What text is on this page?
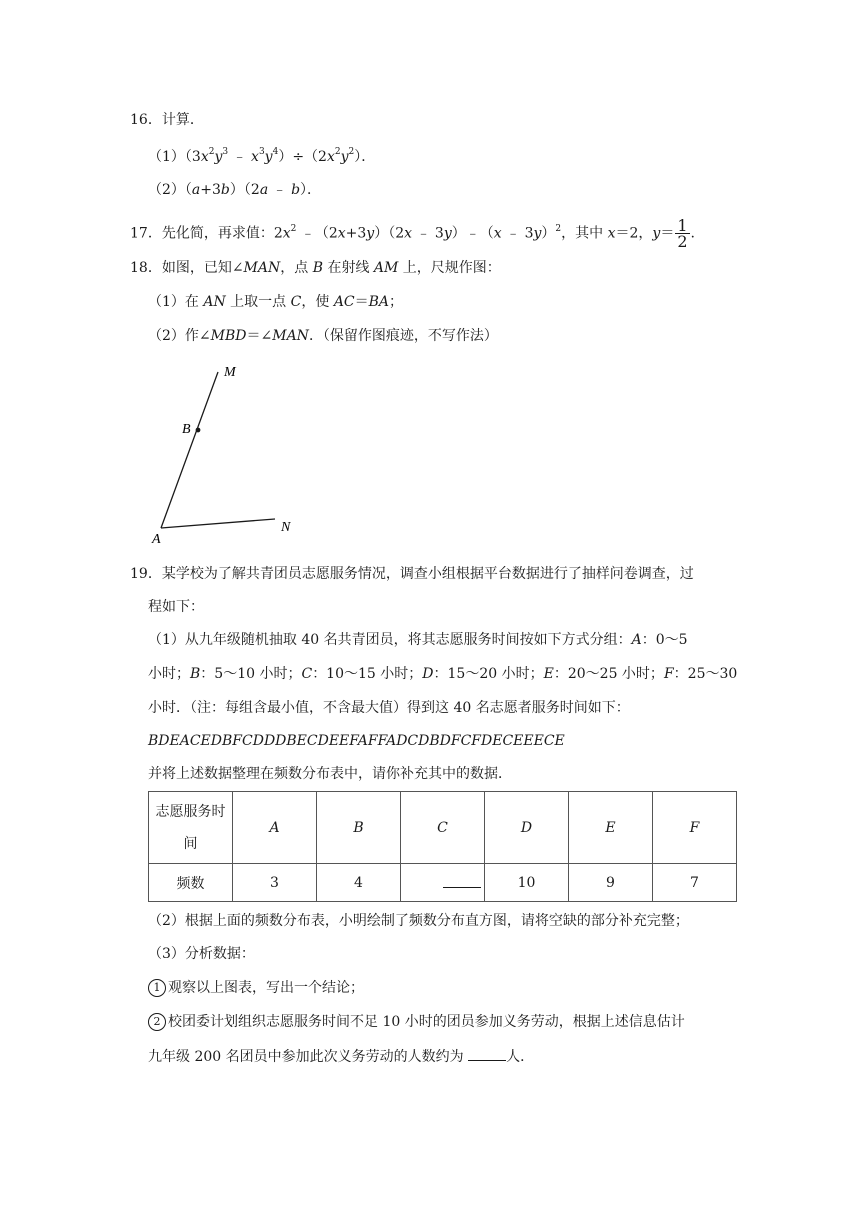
16．计算．
$(1)(3x^2y^3$ ﹣ $x^3y^4)\div(2x^2y^2)$．
（2）（a+3b）（2a ﹣ b）．
17．先化简，再求值：$2x^2$ ﹣（2x+3y）（2x ﹣ 3y）﹣（x ﹣ 3y）$^2$，其中 x＝2，$y= \frac{1}{2}$ .
18．如图，已知∠MAN，点 B 在射线 AM 上，尺规作图：
（1）在 AN 上取一点 C，使 AC＝BA；
（2）作∠MBD＝∠MAN．（保留作图痕迹，不写作法）
M
B
A
N
19．某学校为了解共青团员志愿服务情况，调查小组根据平台数据进行了抽样问卷调查，过
程如下：
（1）从九年级随机抽取 40 名共青团员，将其志愿服务时间按如下方式分组：A：0～5
小时；B：5～10 小时；C：10～15 小时；D：15～20 小时；E：20～25 小时；F：25～30
小时．（注：每组含最小值，不含最大值）得到这 40 名志愿者服务时间如下：
BDEACEDBFCDDDBECDEEFAFFADCDBDFCFDECEEECE
并将上述数据整理在频数分布表中，请你补充其中的数据．
志愿服务时
间	A	B	C	D	E	F
频数	3	4		10	9	7
（2）根据上面的频数分布表，小明绘制了频数分布直方图，请将空缺的部分补充完整；
（3）分析数据：
1 观察以上图表，写出一个结论；
2 校团委计划组织志愿服务时间不足 10 小时的团员参加义务劳动，根据上述信息估计
九年级 200 名团员中参加此次义务劳动的人数约为	人．
